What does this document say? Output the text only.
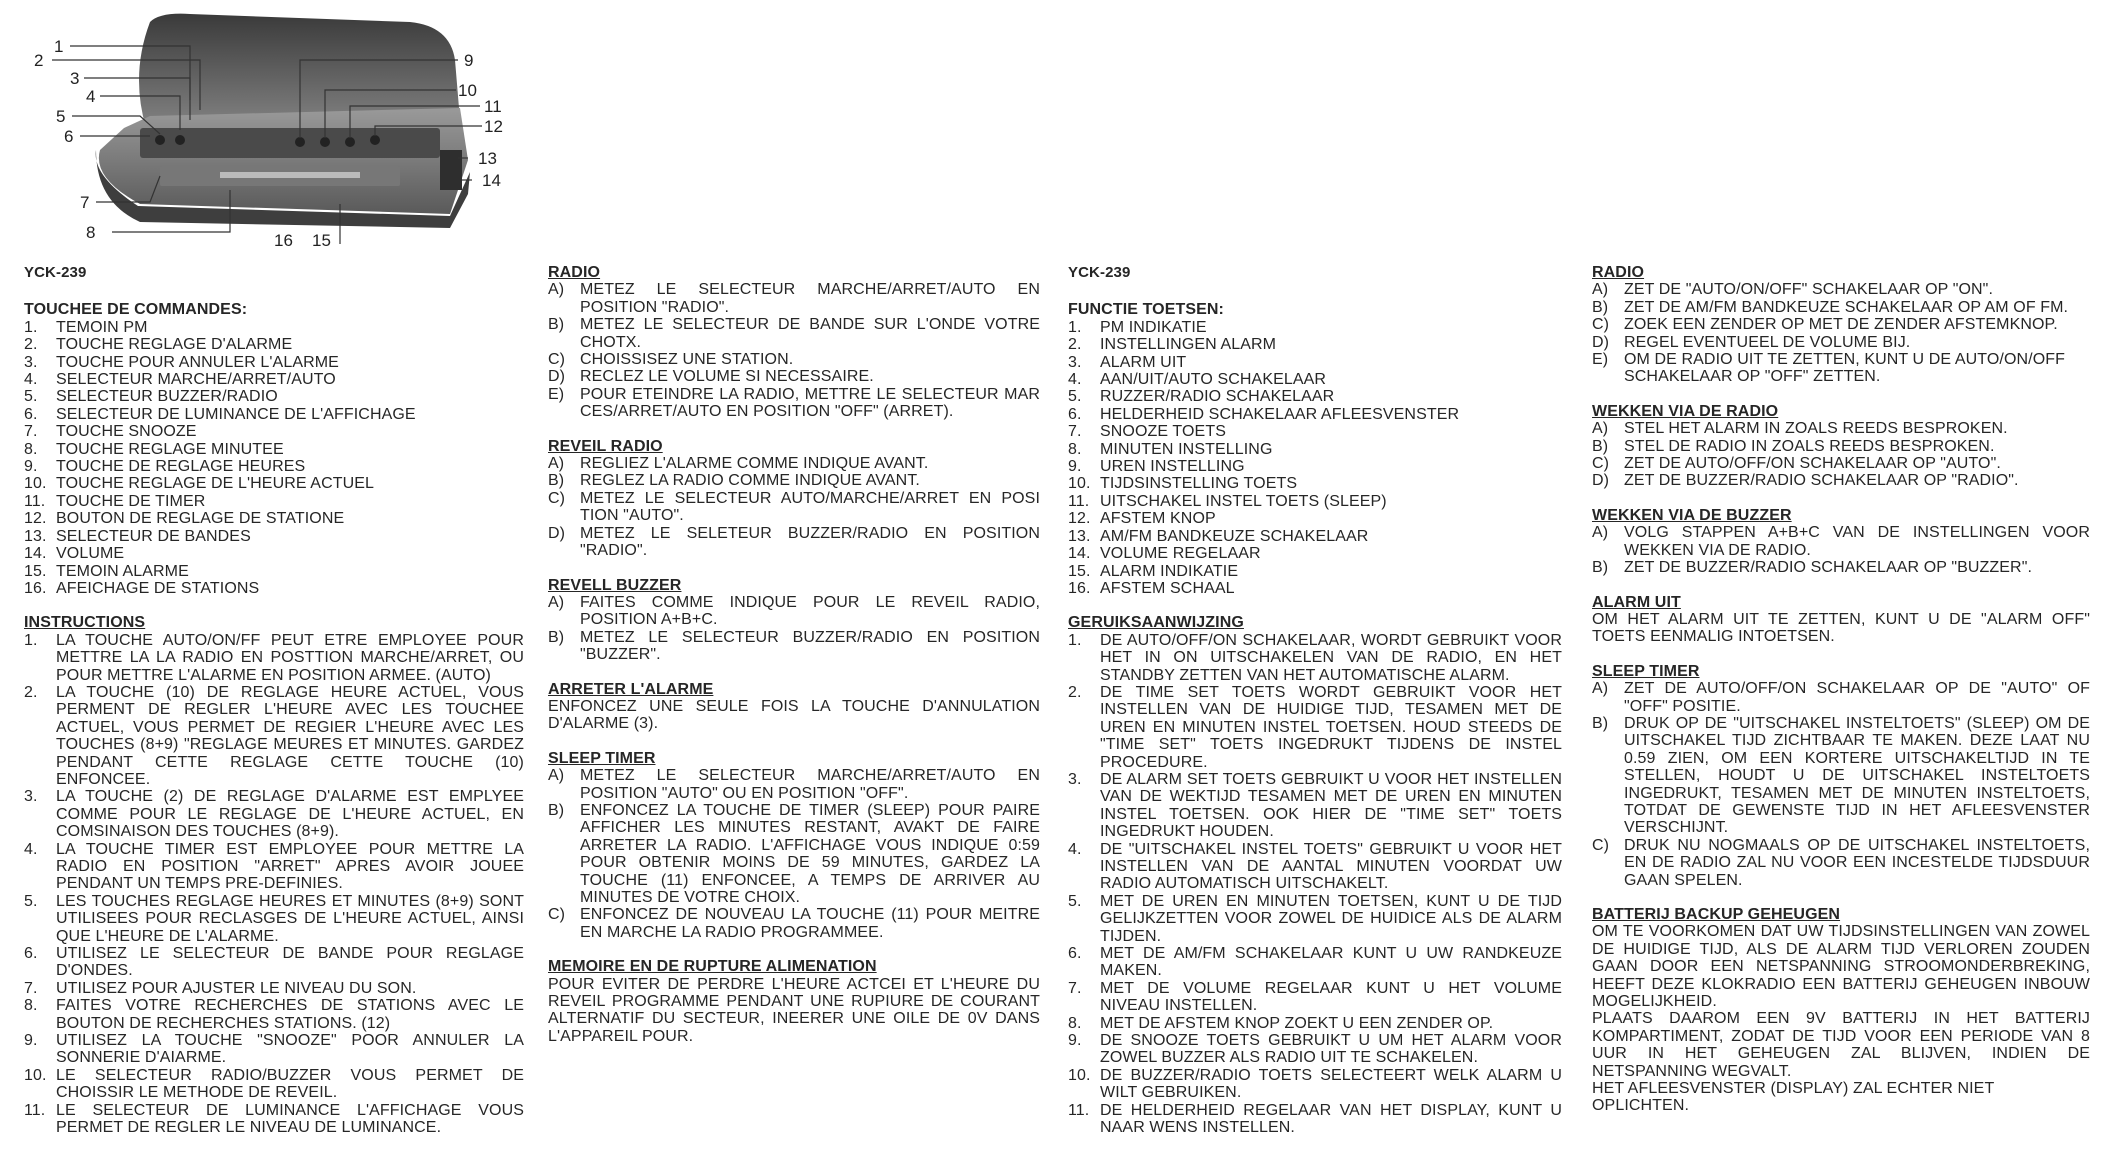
1
2
3
4
5
6
7
8
9
10
11
12
13
14
16 15
YCK-239
TOUCHEE DE COMMANDES:
1.	TEMOIN PM
2.	TOUCHE REGLAGE D'ALARME
3.	TOUCHE POUR ANNULER L'ALARME
4.	SELECTEUR MARCHE/ARRET/AUTO
5.	SELECTEUR BUZZER/RADIO
6.	SELECTEUR DE LUMINANCE DE L'AFFICHAGE
7.	TOUCHE SNOOZE
8.	TOUCHE REGLAGE MINUTEE
9.	TOUCHE DE REGLAGE HEURES
10. TOUCHE REGLAGE DE L'HEURE ACTUEL
11. TOUCHE DE TIMER
12. BOUTON DE REGLAGE DE STATIONE
13. SELECTEUR DE BANDES
14. VOLUME
15. TEMOIN ALARME
16. AFEICHAGE DE STATIONS
INSTRUCTIONS
1.	LA TOUCHE AUTO/ON/FF PEUT ETRE EMPLOYEE POUR METTRE LA LA RADIO EN POSTTION MARCHE/ARRET, OU POUR METTRE L'ALARME EN POSITION ARMEE. (AUTO)
2.	LA TOUCHE (10) DE REGLAGE HEURE ACTUEL, VOUS PERMENT DE REGLER L'HEURE AVEC LES TOUCHEE ACTUEL, VOUS PERMET DE REGIER L'HEURE AVEC LES TOUCHES (8+9) "REGLAGE MEURES ET MINUTES. GARDEZ PENDANT CETTE REGLAGE CETTE TOUCHE (10) ENFONCEE.
3.	LA TOUCHE (2) DE REGLAGE D'ALARME EST EMPLYEE COMME POUR LE REGLAGE DE L'HEURE ACTUEL, EN COMSINAISON DES TOUCHES (8+9).
4.	LA TOUCHE TIMER EST EMPLOYEE POUR METTRE LA RADIO EN POSITION "ARRET" APRES AVOIR JOUEE PENDANT UN TEMPS PRE-DEFINIES.
5.	LES TOUCHES REGLAGE HEURES ET MINUTES (8+9) SONT UTILISEES POUR RECLASGES DE L'HEURE ACTUEL, AINSI QUE L'HEURE DE L'ALARME.
6.	UTILISEZ LE SELECTEUR DE BANDE POUR REGLAGE D'ONDES.
7.	UTILISEZ POUR AJUSTER LE NIVEAU DU SON.
8.	FAITES VOTRE RECHERCHES DE STATIONS AVEC LE BOUTON DE RECHERCHES STATIONS. (12)
9.	UTILISEZ LA TOUCHE "SNOOZE" POOR ANNULER LA SONNERIE D'AIARME.
10. LE SELECTEUR RADIO/BUZZER VOUS PERMET DE CHOISSIR LE METHODE DE REVEIL.
11. LE SELECTEUR DE LUMINANCE L'AFFICHAGE VOUS PERMET DE REGLER LE NIVEAU DE LUMINANCE.
RADIO
A) METEZ LE SELECTEUR MARCHE/ARRET/AUTO EN POSITION "RADIO".
B) METEZ LE SELECTEUR DE BANDE SUR L'ONDE VOTRE CHOTX.
C) CHOISSISEZ UNE STATION.
D) RECLEZ LE VOLUME SI NECESSAIRE.
E) POUR ETEINDRE LA RADIO, METTRE LE SELECTEUR MAR CES/ARRET/AUTO EN POSITION "OFF" (ARRET).
REVEIL RADIO
A) REGLIEZ L'ALARME COMME INDIQUE AVANT.
B) REGLEZ LA RADIO COMME INDIQUE AVANT.
C) METEZ LE SELECTEUR AUTO/MARCHE/ARRET EN POSI TION "AUTO".
D) METEZ LE SELETEUR BUZZER/RADIO EN POSITION "RADIO".
REVELL BUZZER
A) FAITES COMME INDIQUE POUR LE REVEIL RADIO, POSITION A+B+C.
B) METEZ LE SELECTEUR BUZZER/RADIO EN POSITION "BUZZER".
ARRETER L'ALARME
ENFONCEZ UNE SEULE FOIS LA TOUCHE D'ANNULATION D'ALARME (3).
SLEEP TIMER
A) METEZ LE SELECTEUR MARCHE/ARRET/AUTO EN POSITION "AUTO" OU EN POSITION "OFF".
B) ENFONCEZ LA TOUCHE DE TIMER (SLEEP) POUR PAIRE AFFICHER LES MINUTES RESTANT, AVAKT DE FAIRE ARRETER LA RADIO. L'AFFICHAGE VOUS INDIQUE 0:59 POUR OBTENIR MOINS DE 59 MINUTES, GARDEZ LA TOUCHE (11) ENFONCEE, A TEMPS DE ARRIVER AU MINUTES DE VOTRE CHOIX.
C) ENFONCEZ DE NOUVEAU LA TOUCHE (11) POUR MEITRE EN MARCHE LA RADIO PROGRAMMEE.
MEMOIRE EN DE RUPTURE ALIMENATION
POUR EVITER DE PERDRE L'HEURE ACTCEI ET L'HEURE DU REVEIL PROGRAMME PENDANT UNE RUPIURE DE COURANT ALTERNATIF DU SECTEUR, INEERER UNE OILE DE 0V DANS L'APPAREIL POUR.
YCK-239
FUNCTIE TOETSEN:
1.	PM INDIKATIE
2.	INSTELLINGEN ALARM
3.	ALARM UIT
4.	AAN/UIT/AUTO SCHAKELAAR
5.	RUZZER/RADIO SCHAKELAAR
6.	HELDERHEID SCHAKELAAR AFLEESVENSTER
7.	SNOOZE TOETS
8.	MINUTEN INSTELLING
9.	UREN INSTELLING
10. TIJDSINSTELLING TOETS
11. UITSCHAKEL INSTEL TOETS (SLEEP)
12. AFSTEM KNOP
13. AM/FM BANDKEUZE SCHAKELAAR
14. VOLUME REGELAAR
15. ALARM INDIKATIE
16. AFSTEM SCHAAL
GERUIKSAANWIJZING
1.	DE AUTO/OFF/ON SCHAKELAAR, WORDT GEBRUIKT VOOR HET IN ON UITSCHAKELEN VAN DE RADIO, EN HET STANDBY ZETTEN VAN HET AUTOMATISCHE ALARM.
2.	DE TIME SET TOETS WORDT GEBRUIKT VOOR HET INSTELLEN VAN DE HUIDIGE TIJD, TESAMEN MET DE UREN EN MINUTEN INSTEL TOETSEN. HOUD STEEDS DE "TIME SET" TOETS INGEDRUKT TIJDENS DE INSTEL PROCEDURE.
3.	DE ALARM SET TOETS GEBRUIKT U VOOR HET INSTELLEN VAN DE WEKTIJD TESAMEN MET DE UREN EN MINUTEN INSTEL TOETSEN. OOK HIER DE "TIME SET" TOETS INGEDRUKT HOUDEN.
4.	DE "UITSCHAKEL INSTEL TOETS" GEBRUIKT U VOOR HET INSTELLEN VAN DE AANTAL MINUTEN VOORDAT UW RADIO AUTOMATISCH UITSCHAKELT.
5.	MET DE UREN EN MINUTEN TOETSEN, KUNT U DE TIJD GELIJKZETTEN VOOR ZOWEL DE HUIDICE ALS DE ALARM TIJDEN.
6.	MET DE AM/FM SCHAKELAAR KUNT U UW RANDKEUZE MAKEN.
7.	MET DE VOLUME REGELAAR KUNT U HET VOLUME NIVEAU INSTELLEN.
8.	MET DE AFSTEM KNOP ZOEKT U EEN ZENDER OP.
9.	DE SNOOZE TOETS GEBRUIKT U UM HET ALARM VOOR ZOWEL BUZZER ALS RADIO UIT TE SCHAKELEN.
10. DE BUZZER/RADIO TOETS SELECTEERT WELK ALARM U WILT GEBRUIKEN.
11. DE HELDERHEID REGELAAR VAN HET DISPLAY, KUNT U NAAR WENS INSTELLEN.
RADIO
A) ZET DE "AUTO/ON/OFF" SCHAKELAAR OP "ON".
B) ZET DE AM/FM BANDKEUZE SCHAKELAAR OP AM OF FM.
C) ZOEK EEN ZENDER OP MET DE ZENDER AFSTEMKNOP.
D) REGEL EVENTUEEL DE VOLUME BIJ.
E) OM DE RADIO UIT TE ZETTEN, KUNT U DE AUTO/ON/OFF SCHAKELAAR OP "OFF" ZETTEN.
WEKKEN VIA DE RADIO
A) STEL HET ALARM IN ZOALS REEDS BESPROKEN.
B) STEL DE RADIO IN ZOALS REEDS BESPROKEN.
C) ZET DE AUTO/OFF/ON SCHAKELAAR OP "AUTO".
D) ZET DE BUZZER/RADIO SCHAKELAAR OP "RADIO".
WEKKEN VIA DE BUZZER
A) VOLG STAPPEN A+B+C VAN DE INSTELLINGEN VOOR WEKKEN VIA DE RADIO.
B) ZET DE BUZZER/RADIO SCHAKELAAR OP "BUZZER".
ALARM UIT
OM HET ALARM UIT TE ZETTEN, KUNT U DE "ALARM OFF" TOETS EENMALIG INTOETSEN.
SLEEP TIMER
A) ZET DE AUTO/OFF/ON SCHAKELAAR OP DE "AUTO" OF "OFF" POSITIE.
B) DRUK OP DE "UITSCHAKEL INSTELTOETS" (SLEEP) OM DE UITSCHAKEL TIJD ZICHTBAAR TE MAKEN. DEZE LAAT NU 0.59 ZIEN, OM EEN KORTERE UITSCHAKELTIJD IN TE STELLEN, HOUDT U DE UITSCHAKEL INSTELTOETS INGEDRUKT, TESAMEN MET DE MINUTEN INSTELTOETS, TOTDAT DE GEWENSTE TIJD IN HET AFLEESVENSTER VERSCHIJNT.
C) DRUK NU NOGMAALS OP DE UITSCHAKEL INSTELTOETS, EN DE RADIO ZAL NU VOOR EEN INCESTELDE TIJDSDUUR GAAN SPELEN.
BATTERIJ BACKUP GEHEUGEN
OM TE VOORKOMEN DAT UW TIJDSINSTELLINGEN VAN ZOWEL DE HUIDIGE TIJD, ALS DE ALARM TIJD VERLOREN ZOUDEN GAAN DOOR EEN NETSPANNING STROOMONDERBREKING, HEEFT DEZE KLOKRADIO EEN BATTERIJ GEHEUGEN INBOUW MOGELIJKHEID.
PLAATS DAAROM EEN 9V BATTERIJ IN HET BATTERIJ KOMPARTIMENT, ZODAT DE TIJD VOOR EEN PERIODE VAN 8 UUR IN HET GEHEUGEN ZAL BLIJVEN, INDIEN DE NETSPANNING WEGVALT.
HET AFLEESVENSTER (DISPLAY) ZAL ECHTER NIET OPLICHTEN.
